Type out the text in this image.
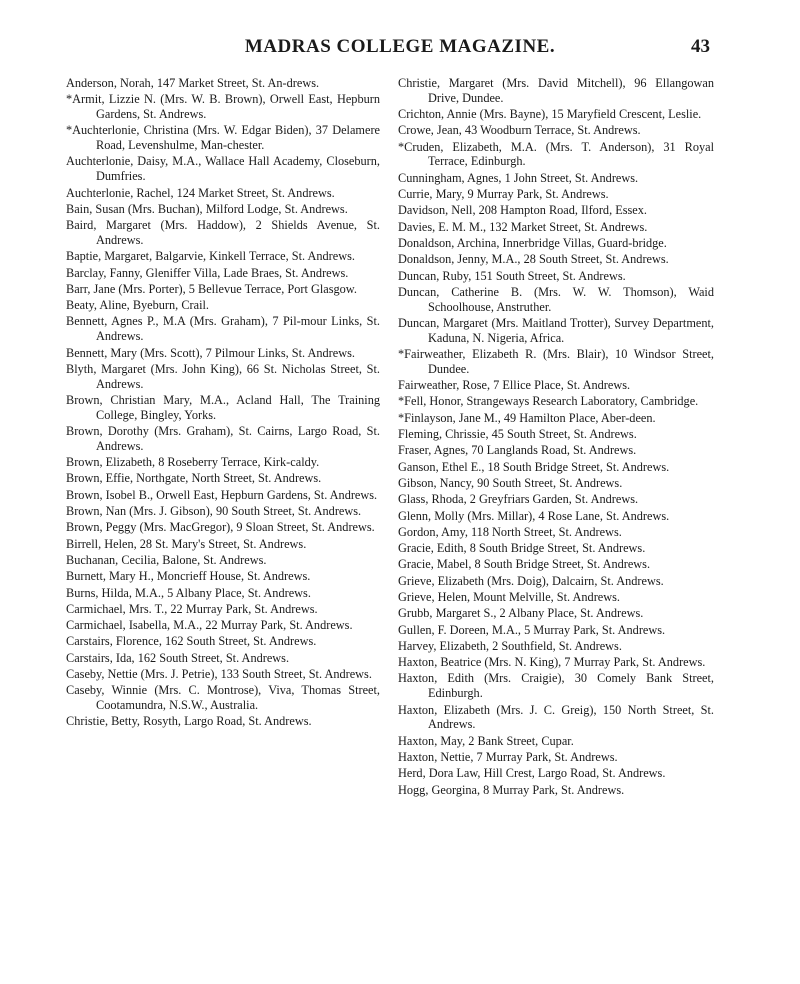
MADRAS COLLEGE MAGAZINE.	43

Anderson, Norah, 147 Market Street, St. An-drews.

*Armit, Lizzie N. (Mrs. W. B. Brown), Orwell East, Hepburn Gardens, St. Andrews.

*Auchterlonie, Christina (Mrs. W. Edgar Biden), 37 Delamere Road, Levenshulme, Man-chester.

Auchterlonie, Daisy, M.A., Wallace Hall Academy, Closeburn, Dumfries.

Auchterlonie, Rachel, 124 Market Street, St. Andrews.

Bain, Susan (Mrs. Buchan), Milford Lodge, St. Andrews.

Baird, Margaret (Mrs. Haddow), 2 Shields Avenue, St. Andrews.

Baptie, Margaret, Balgarvie, Kinkell Terrace, St. Andrews.

Barclay, Fanny, Gleniffer Villa, Lade Braes, St. Andrews.

Barr, Jane (Mrs. Porter), 5 Bellevue Terrace, Port Glasgow.

Beaty, Aline, Byeburn, Crail.

Bennett, Agnes P., M.A (Mrs. Graham), 7 Pil-mour Links, St. Andrews.

Bennett, Mary (Mrs. Scott), 7 Pilmour Links, St. Andrews.

Blyth, Margaret (Mrs. John King), 66 St. Nicholas Street, St. Andrews.

Brown, Christian Mary, M.A., Acland Hall, The Training College, Bingley, Yorks.

Brown, Dorothy (Mrs. Graham), St. Cairns, Largo Road, St. Andrews.

Brown, Elizabeth, 8 Roseberry Terrace, Kirk-caldy.

Brown, Effie, Northgate, North Street, St. Andrews.

Brown, Isobel B., Orwell East, Hepburn Gardens, St. Andrews.

Brown, Nan (Mrs. J. Gibson), 90 South Street, St. Andrews.

Brown, Peggy (Mrs. MacGregor), 9 Sloan Street, St. Andrews.

Birrell, Helen, 28 St. Mary's Street, St. Andrews.

Buchanan, Cecilia, Balone, St. Andrews.

Burnett, Mary H., Moncrieff House, St. Andrews.

Burns, Hilda, M.A., 5 Albany Place, St. Andrews.

Carmichael, Mrs. T., 22 Murray Park, St. Andrews.

Carmichael, Isabella, M.A., 22 Murray Park, St. Andrews.

Carstairs, Florence, 162 South Street, St. Andrews.

Carstairs, Ida, 162 South Street, St. Andrews.

Caseby, Nettie (Mrs. J. Petrie), 133 South Street, St. Andrews.

Caseby, Winnie (Mrs. C. Montrose), Viva, Thomas Street, Cootamundra, N.S.W., Australia.

Christie, Betty, Rosyth, Largo Road, St. Andrews.

Christie, Margaret (Mrs. David Mitchell), 96 Ellangowan Drive, Dundee.

Crichton, Annie (Mrs. Bayne), 15 Maryfield Crescent, Leslie.

Crowe, Jean, 43 Woodburn Terrace, St. Andrews.

*Cruden, Elizabeth, M.A. (Mrs. T. Anderson), 31 Royal Terrace, Edinburgh.

Cunningham, Agnes, 1 John Street, St. Andrews.

Currie, Mary, 9 Murray Park, St. Andrews.

Davidson, Nell, 208 Hampton Road, Ilford, Essex.

Davies, E. M. M., 132 Market Street, St. Andrews.

Donaldson, Archina, Innerbridge Villas, Guard-bridge.

Donaldson, Jenny, M.A., 28 South Street, St. Andrews.

Duncan, Ruby, 151 South Street, St. Andrews.

Duncan, Catherine B. (Mrs. W. W. Thomson), Waid Schoolhouse, Anstruther.

Duncan, Margaret (Mrs. Maitland Trotter), Survey Department, Kaduna, N. Nigeria, Africa.

*Fairweather, Elizabeth R. (Mrs. Blair), 10 Windsor Street, Dundee.

Fairweather, Rose, 7 Ellice Place, St. Andrews.

*Fell, Honor, Strangeways Research Laboratory, Cambridge.

*Finlayson, Jane M., 49 Hamilton Place, Aber-deen.

Fleming, Chrissie, 45 South Street, St. Andrews.

Fraser, Agnes, 70 Langlands Road, St. Andrews.

Ganson, Ethel E., 18 South Bridge Street, St. Andrews.

Gibson, Nancy, 90 South Street, St. Andrews.

Glass, Rhoda, 2 Greyfriars Garden, St. Andrews.

Glenn, Molly (Mrs. Millar), 4 Rose Lane, St. Andrews.

Gordon, Amy, 118 North Street, St. Andrews.

Gracie, Edith, 8 South Bridge Street, St. Andrews.

Gracie, Mabel, 8 South Bridge Street, St. Andrews.

Grieve, Elizabeth (Mrs. Doig), Dalcairn, St. Andrews.

Grieve, Helen, Mount Melville, St. Andrews.

Grubb, Margaret S., 2 Albany Place, St. Andrews.

Gullen, F. Doreen, M.A., 5 Murray Park, St. Andrews.

Harvey, Elizabeth, 2 Southfield, St. Andrews.

Haxton, Beatrice (Mrs. N. King), 7 Murray Park, St. Andrews.

Haxton, Edith (Mrs. Craigie), 30 Comely Bank Street, Edinburgh.

Haxton, Elizabeth (Mrs. J. C. Greig), 150 North Street, St. Andrews.

Haxton, May, 2 Bank Street, Cupar.

Haxton, Nettie, 7 Murray Park, St. Andrews.

Herd, Dora Law, Hill Crest, Largo Road, St. Andrews.

Hogg, Georgina, 8 Murray Park, St. Andrews.
